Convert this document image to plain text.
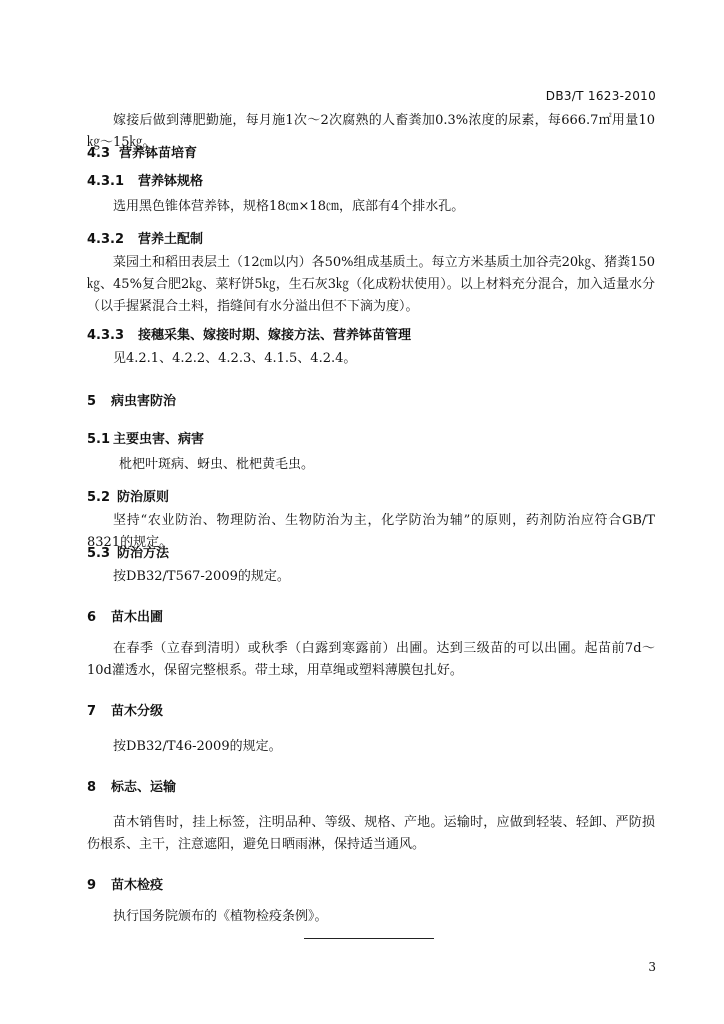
DB3/T 1623-2010
嫁接后做到薄肥勤施，每月施1次～2次腐熟的人畜粪加0.3%浓度的尿素，每666.7㎡用量10㎏～15㎏。
4.3 营养钵苗培育
4.3.1 营养钵规格
选用黑色锥体营养钵，规格18㎝×18㎝，底部有4个排水孔。
4.3.2 营养土配制
菜园土和稻田表层土（12㎝以内）各50%组成基质土。每立方米基质土加谷壳20㎏、猪粪150㎏、45%复合肥2㎏、菜籽饼5㎏，生石灰3㎏（化成粉状使用）。以上材料充分混合，加入适量水分（以手握紧混合土料，指缝间有水分溢出但不下滴为度）。
4.3.3 接穗采集、嫁接时期、嫁接方法、营养钵苗管理
见4.2.1、4.2.2、4.2.3、4.1.5、4.2.4。
5 病虫害防治
5.1 主要虫害、病害
枇杷叶斑病、蚜虫、枇杷黄毛虫。
5.2 防治原则
坚持“农业防治、物理防治、生物防治为主，化学防治为辅”的原则，药剂防治应符合GB/T 8321的规定。
5.3 防治方法
按DB32/T567-2009的规定。
6 苗木出圃
在春季（立春到清明）或秋季（白露到寒露前）出圃。达到三级苗的可以出圃。起苗前7d～10d灌透水，保留完整根系。带土球，用草绳或塑料薄膜包扎好。
7 苗木分级
按DB32/T46-2009的规定。
8 标志、运输
苗木销售时，挂上标签，注明品种、等级、规格、产地。运输时，应做到轻装、轻卸、严防损伤根系、主干，注意遮阳，避免日晒雨淋，保持适当通风。
9 苗木检疫
执行国务院颁布的《植物检疫条例》。
3
